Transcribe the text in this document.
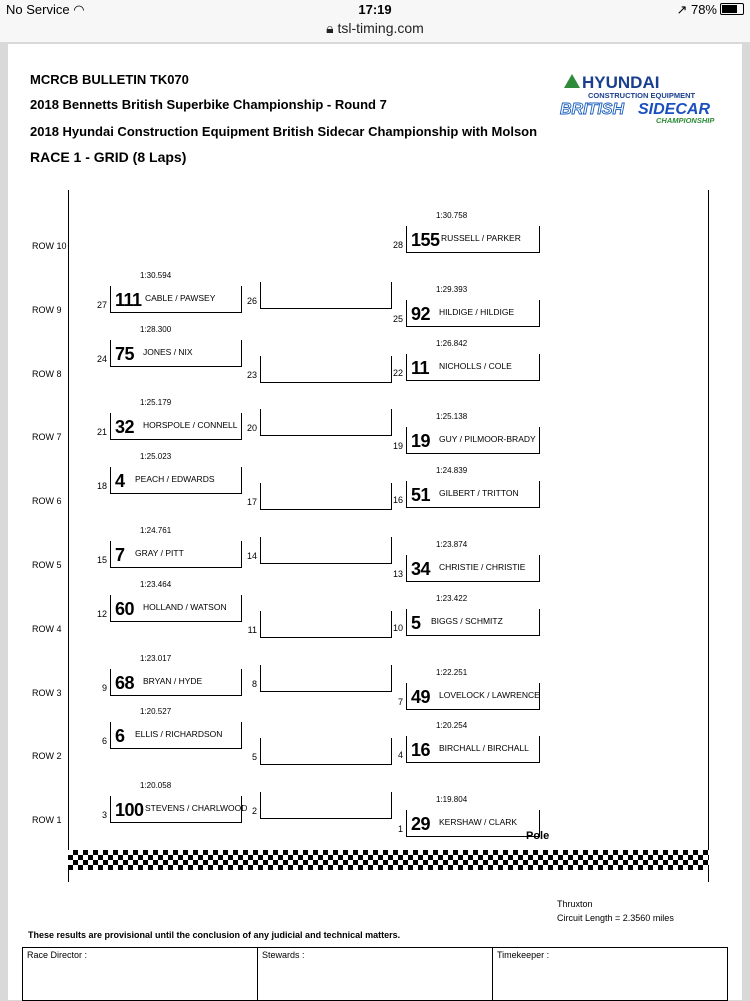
No Service ◠	17:19	↗ 78%
🔒︎ tsl-timing.com
MCRCB BULLETIN TK070
2018 Bennetts British Superbike Championship - Round 7
2018 Hyundai Construction Equipment British Sidecar Championship with Molson
RACE 1 - GRID (8 Laps)
HYUNDAI
CONSTRUCTION EQUIPMENT
BRITISH SIDECAR
CHAMPIONSHIP
ROW 10
ROW 9
ROW 8
ROW 7
ROW 6
ROW 5
ROW 4
ROW 3
ROW 2
ROW 1
155 RUSSELL / PARKER
28
1:30.758
111 CABLE / PAWSEY
27
1:30.594
26
92 HILDIGE / HILDIGE
25
1:29.393
75 JONES / NIX
24
1:28.300
23	11 NICHOLLS / COLE
22
1:26.842
32 HORSPOLE / CONNELL
21
1:25.179
20
19 GUY / PILMOOR-BRADY
19
1:25.138
4 PEACH / EDWARDS
18
1:25.023
17	51 GILBERT / TRITTON
16
1:24.839
7 GRAY / PITT
15
1:24.761
14
34 CHRISTIE / CHRISTIE
13
1:23.874
60 HOLLAND / WATSON
12
1:23.464
11	5 BIGGS / SCHMITZ
10
1:23.422
68 BRYAN / HYDE
9
1:23.017
8
49 LOVELOCK / LAWRENCE
7
1:22.251
6 ELLIS / RICHARDSON
6
1:20.527
5	16 BIRCHALL / BIRCHALL
4
1:20.254
100 STEVENS / CHARLWOOD
3
1:20.058
2
29 KERSHAW / CLARK
1
1:19.804
Pole
Thruxton
Circuit Length = 2.3560 miles
These results are provisional until the conclusion of any judicial and technical matters.
Race Director :	Stewards :	Timekeeper :
